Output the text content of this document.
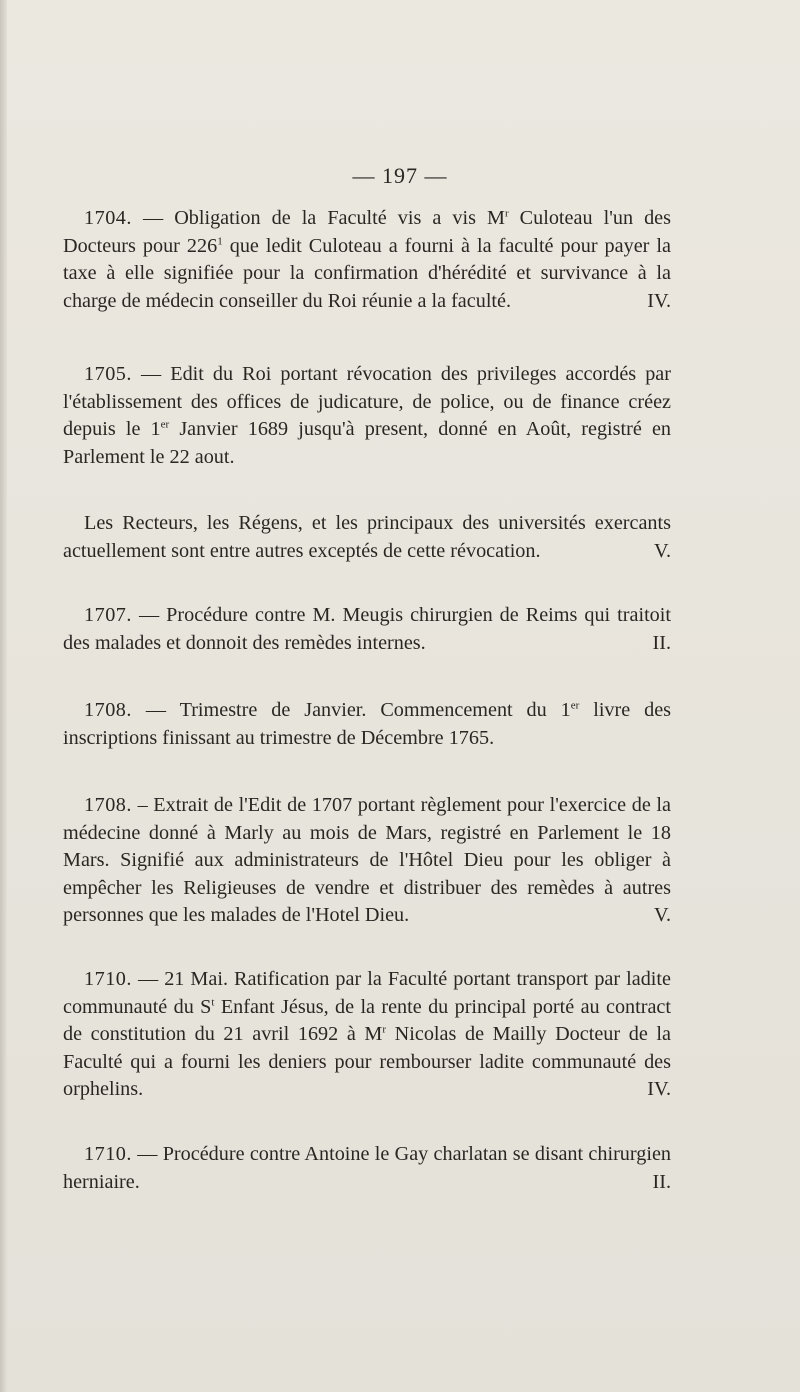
— 197 —

1704. — Obligation de la Faculté vis a vis $M^r$ Culoteau l'un des Docteurs pour $226^1$ que ledit Culoteau a fourni à la faculté pour payer la taxe à elle signifiée pour la confirmation d'hérédité et survivance à la charge de médecin conseiller du Roi réunie a la faculté.	IV.

1705. — Edit du Roi portant révocation des privileges accordés par l'établissement des offices de judicature, de police, ou de finance créez depuis le 1er Janvier 1689 jusqu'à present, donné en Août, registré en Parlement le 22 aout.

Les Recteurs, les Régens, et les principaux des universités exercants actuellement sont entre autres exceptés de cette révocation.	V.

1707. — Procédure contre M. Meugis chirurgien de Reims qui traitoit des malades et donnoit des remèdes internes.	II.

1708. — Trimestre de Janvier. Commencement du 1er livre des inscriptions finissant au trimestre de Décembre 1765.

1708. – Extrait de l'Edit de 1707 portant règlement pour l'exercice de la médecine donné à Marly au mois de Mars, registré en Parlement le 18 Mars. Signifié aux administrateurs de l'Hôtel Dieu pour les obliger à empêcher les Religieuses de vendre et distribuer des remèdes à autres personnes que les malades de l'Hotel Dieu.	V.

1710. — 21 Mai. Ratification par la Faculté portant transport par ladite communauté du $S^t$ Enfant Jésus, de la rente du principal porté au contract de constitution du 21 avril 1692 à $M^r$ Nicolas de Mailly Docteur de la Faculté qui a fourni les deniers pour rembourser ladite communauté des orphelins.	IV.

1710. — Procédure contre Antoine le Gay charlatan se disant chirurgien herniaire.	II.
